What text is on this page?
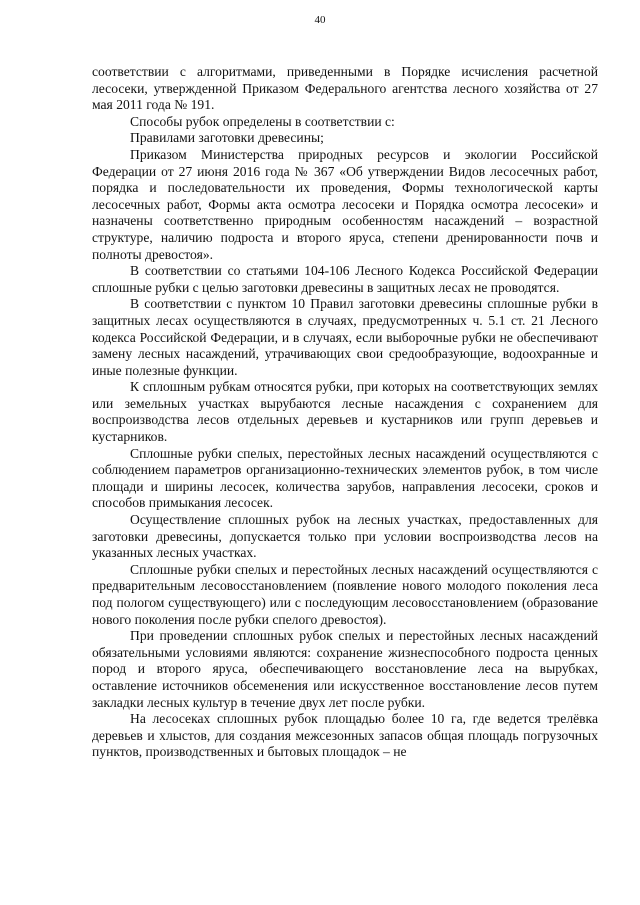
40

соответствии с алгоритмами, приведенными в Порядке исчисления расчетной лесосеки, утвержденной Приказом Федерального агентства лесного хозяйства от 27 мая 2011 года № 191.

Способы рубок определены в соответствии с:

Правилами заготовки древесины;

Приказом Министерства природных ресурсов и экологии Российской Федерации от 27 июня 2016 года № 367 «Об утверждении Видов лесосечных работ, порядка и последовательности их проведения, Формы технологической карты лесосечных работ, Формы акта осмотра лесосеки и Порядка осмотра лесосеки» и назначены соответственно природным особенностям насаждений – возрастной структуре, наличию подроста и второго яруса, степени дренированности почв и полноты древостоя».

В соответствии со статьями 104-106 Лесного Кодекса Российской Федерации сплошные рубки с целью заготовки древесины в защитных лесах не проводятся.

В соответствии с пунктом 10 Правил заготовки древесины сплошные рубки в защитных лесах осуществляются в случаях, предусмотренных ч. 5.1 ст. 21 Лесного кодекса Российской Федерации, и в случаях, если выборочные рубки не обеспечивают замену лесных насаждений, утрачивающих свои средообразующие, водоохранные и иные полезные функции.

К сплошным рубкам относятся рубки, при которых на соответствующих землях или земельных участках вырубаются лесные насаждения с сохранением для воспроизводства лесов отдельных деревьев и кустарников или групп деревьев и кустарников.

Сплошные рубки спелых, перестойных лесных насаждений осуществляются с соблюдением параметров организационно-технических элементов рубок, в том числе площади и ширины лесосек, количества зарубов, направления лесосеки, сроков и способов примыкания лесосек.

Осуществление сплошных рубок на лесных участках, предоставленных для заготовки древесины, допускается только при условии воспроизводства лесов на указанных лесных участках.

Сплошные рубки спелых и перестойных лесных насаждений осуществляются с предварительным лесовосстановлением (появление нового молодого поколения леса под пологом существующего) или с последующим лесовосстановлением (образование нового поколения после рубки спелого древостоя).

При проведении сплошных рубок спелых и перестойных лесных насаждений обязательными условиями являются: сохранение жизнеспособного подроста ценных пород и второго яруса, обеспечивающего восстановление леса на вырубках, оставление источников обсеменения или искусственное восстановление лесов путем закладки лесных культур в течение двух лет после рубки.

На лесосеках сплошных рубок площадью более 10 га, где ведется трелёвка деревьев и хлыстов, для создания межсезонных запасов общая площадь погрузочных пунктов, производственных и бытовых площадок – не
